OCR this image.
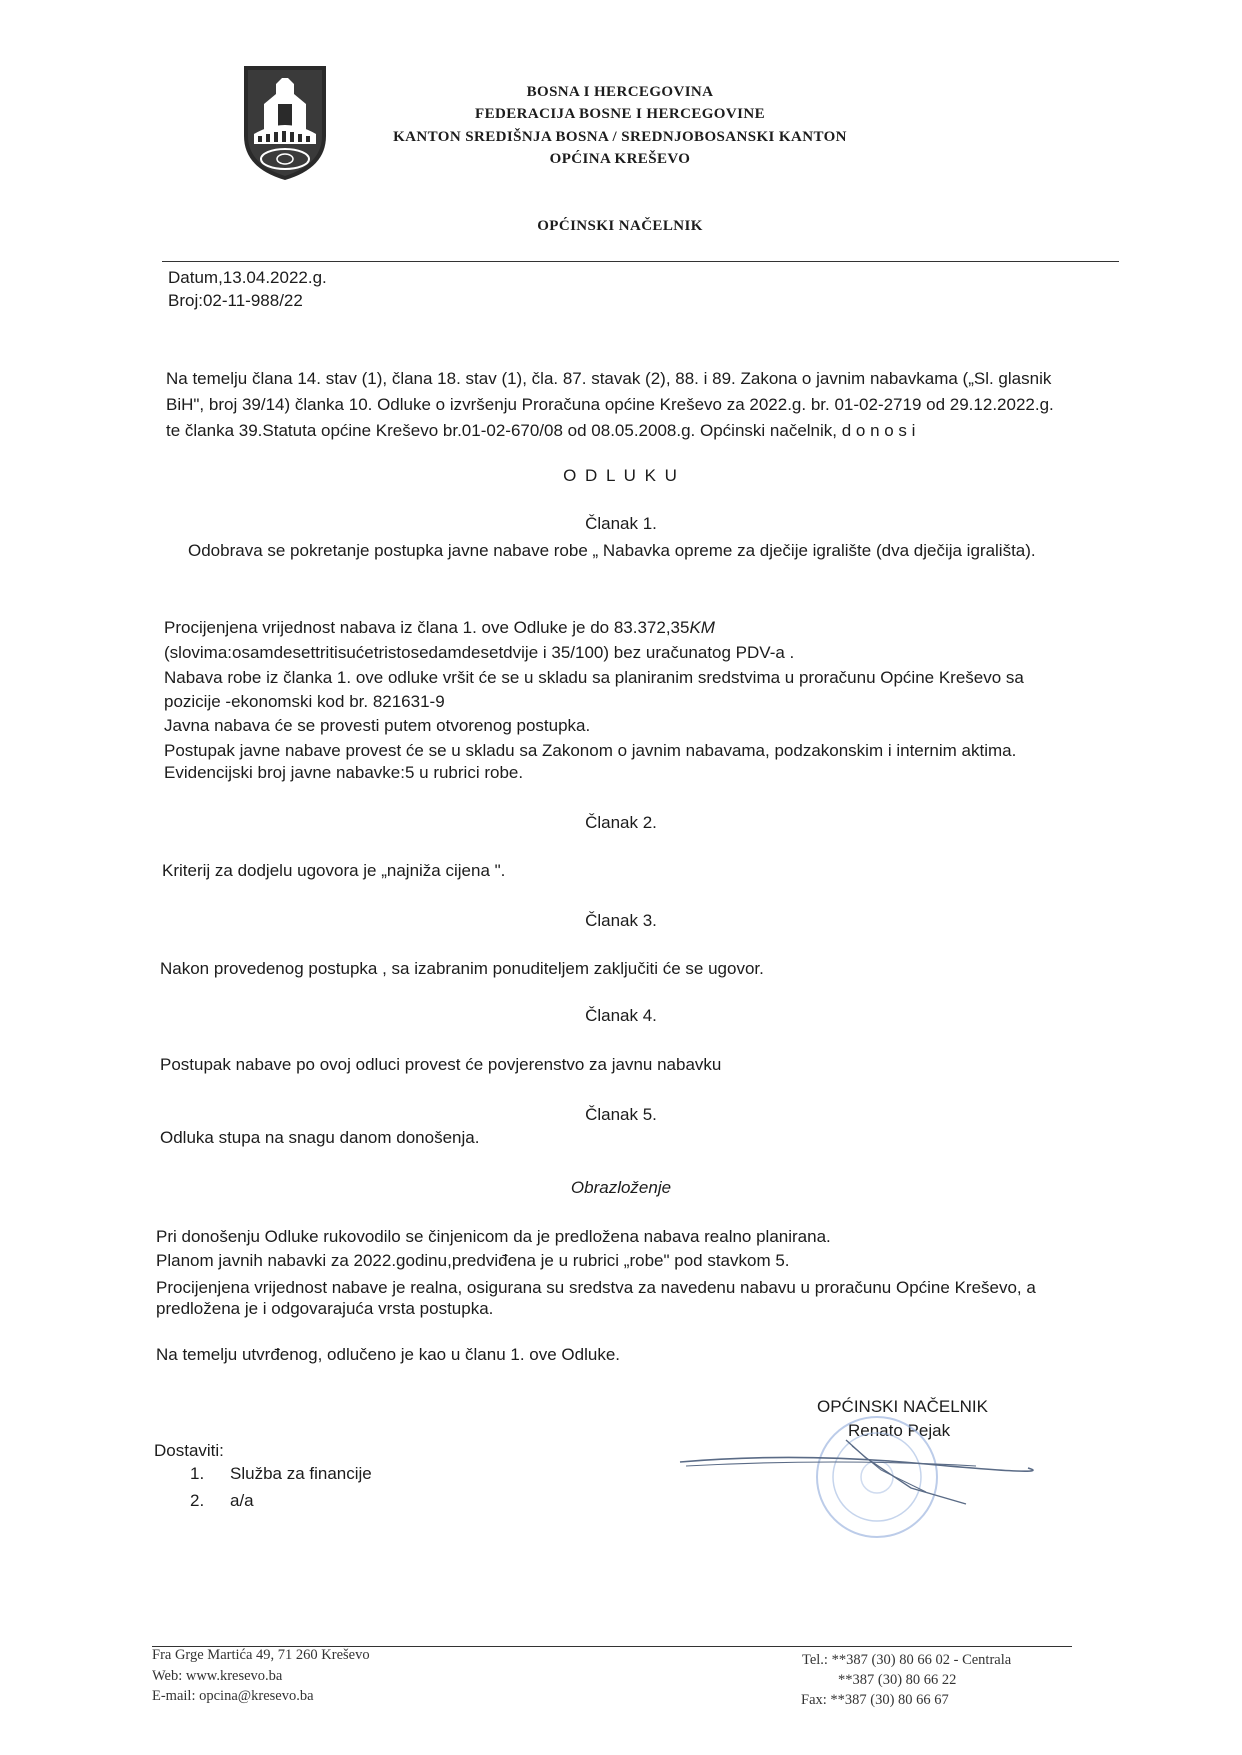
BOSNA I HERCEGOVINA
FEDERACIJA BOSNE I HERCEGOVINE
KANTON SREDIŠNJA BOSNA / SREDNJOBOSANSKI KANTON
OPĆINA KREŠEVO
OPĆINSKI NAČELNIK
Datum,13.04.2022.g.
Broj:02-11-988/22
Na temelju člana 14. stav (1), člana 18. stav (1), čla. 87. stavak (2), 88. i 89. Zakona o javnim nabavkama („Sl. glasnik
BiH", broj 39/14) članka 10. Odluke o izvršenju Proračuna općine Kreševo za 2022.g. br. 01-02-2719 od 29.12.2022.g.
te članka 39.Statuta općine Kreševo br.01-02-670/08 od 08.05.2008.g. Općinski načelnik, d o n o s i
O D L U K U
Članak 1.
Odobrava se pokretanje postupka javne nabave robe „ Nabavka opreme za dječije igralište (dva dječija igrališta).
Procijenjena vrijednost nabava iz člana 1. ove Odluke je do 83.372,35KM
(slovima:osamdesettritisućetristosedamdesetdvije i 35/100) bez uračunatog PDV-a .
Nabava robe iz članka 1. ove odluke vršit će se u skladu sa planiranim sredstvima u proračunu Općine Kreševo sa
pozicije -ekonomski kod br. 821631-9
Javna nabava će se provesti putem otvorenog postupka.
Postupak javne nabave provest će se u skladu sa Zakonom o javnim nabavama, podzakonskim i internim aktima.
Evidencijski broj javne nabavke:5 u rubrici robe.
Članak 2.
Kriterij za dodjelu ugovora je „najniža cijena ".
Članak 3.
Nakon provedenog postupka , sa izabranim ponuditeljem zaključiti će se ugovor.
Članak 4.
Postupak nabave po ovoj odluci provest će povjerenstvo za javnu nabavku
Članak 5.
Odluka stupa na snagu danom donošenja.
Obrazloženje
Pri donošenju Odluke rukovodilo se činjenicom da je predložena nabava realno planirana.
Planom javnih nabavki za 2022.godinu,predviđena je u rubrici „robe" pod stavkom 5.
Procijenjena vrijednost nabave je realna, osigurana su sredstva za navedenu nabavu u proračunu Općine Kreševo, a
predložena je i odgovarajuća vrsta postupka.
Na temelju utvrđenog, odlučeno je kao u članu 1. ove Odluke.
OPĆINSKI NAČELNIK
Renato Pejak
Dostaviti:
1. Služba za financije
2. a/a
Fra Grge Martića 49, 71 260 Kreševo
Web: www.kresevo.ba
E-mail: opcina@kresevo.ba
Tel.: **387 (30) 80 66 02 - Centrala
**387 (30) 80 66 22
Fax: **387 (30) 80 66 67
